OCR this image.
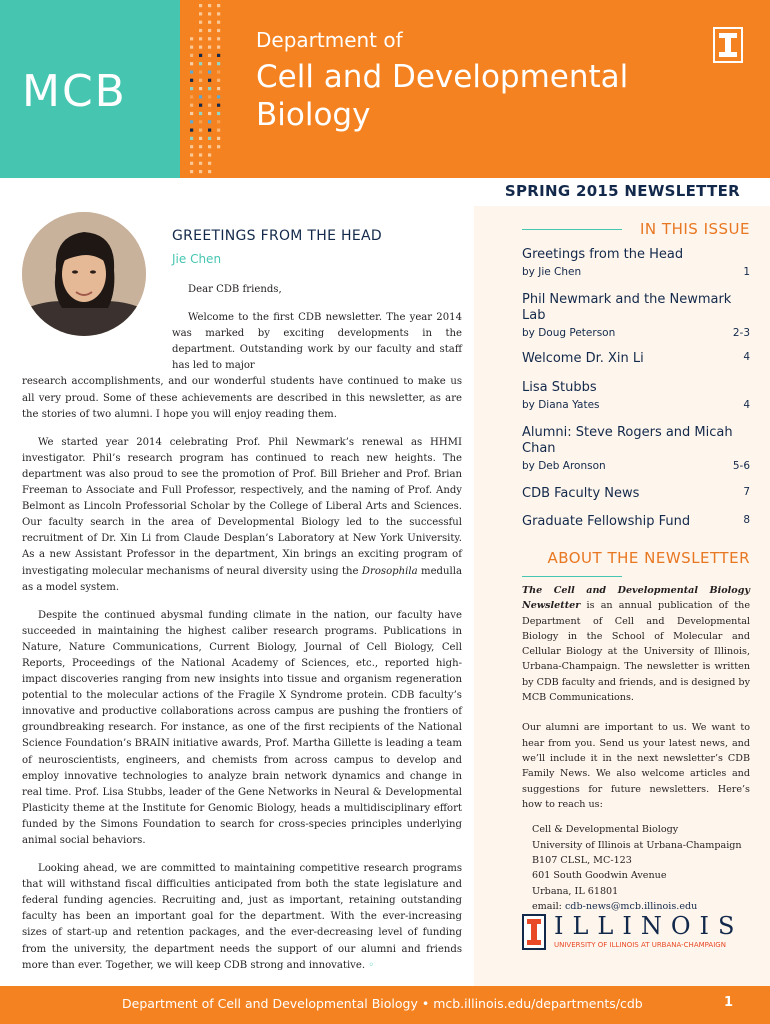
MCB
Department of
Cell and Developmental Biology
SPRING 2015 NEWSLETTER
IN THIS ISSUE
Greetings from the Head
by Jie Chen	1
Phil Newmark and the Newmark Lab
by Doug Peterson	2-3
Welcome Dr. Xin Li	4
Lisa Stubbs
by Diana Yates	4
Alumni: Steve Rogers and Micah Chan
by Deb Aronson	5-6
CDB Faculty News	7
Graduate Fellowship Fund	8
ABOUT THE NEWSLETTER

The Cell and Developmental Biology Newsletter is an annual publication of the Department of Cell and Developmental Biology in the School of Molecular and Cellular Biology at the University of Illinois, Urbana-Champaign. The newsletter is written by CDB faculty and friends, and is designed by MCB Communications.

Our alumni are important to us. We want to hear from you. Send us your latest news, and we’ll include it in the next newsletter’s CDB Family News. We also welcome articles and suggestions for future newsletters. Here’s how to reach us:

Cell & Developmental Biology
University of Illinois at Urbana-Champaign
B107 CLSL, MC-123
601 South Goodwin Avenue
Urbana, IL 61801
email: cdb-news@mcb.illinois.edu
ILLINOIS
UNIVERSITY OF ILLINOIS AT URBANA-CHAMPAIGN
GREETINGS FROM THE HEAD
Jie Chen

Dear CDB friends,

Welcome to the first CDB newsletter. The year 2014 was marked by exciting developments in the department. Outstanding work by our faculty and staff has led to major

research accomplishments, and our wonderful students have continued to make us all very proud. Some of these achievements are described in this newsletter, as are the stories of two alumni. I hope you will enjoy reading them.

We started year 2014 celebrating Prof. Phil Newmark’s renewal as HHMI investigator. Phil’s research program has continued to reach new heights. The department was also proud to see the promotion of Prof. Bill Brieher and Prof. Brian Freeman to Associate and Full Professor, respectively, and the naming of Prof. Andy Belmont as Lincoln Professorial Scholar by the College of Liberal Arts and Sciences. Our faculty search in the area of Developmental Biology led to the successful recruitment of Dr. Xin Li from Claude Desplan’s Laboratory at New York University. As a new Assistant Professor in the department, Xin brings an exciting program of investigating molecular mechanisms of neural diversity using the Drosophila medulla as a model system.

Despite the continued abysmal funding climate in the nation, our faculty have succeeded in maintaining the highest caliber research programs. Publications in Nature, Nature Communications, Current Biology, Journal of Cell Biology, Cell Reports, Proceedings of the National Academy of Sciences, etc., reported high-impact discoveries ranging from new insights into tissue and organism regeneration potential to the molecular actions of the Fragile X Syndrome protein. CDB faculty’s innovative and productive collaborations across campus are pushing the frontiers of groundbreaking research. For instance, as one of the first recipients of the National Science Foundation’s BRAIN initiative awards, Prof. Martha Gillette is leading a team of neuroscientists, engineers, and chemists from across campus to develop and employ innovative technologies to analyze brain network dynamics and change in real time. Prof. Lisa Stubbs, leader of the Gene Networks in Neural & Developmental Plasticity theme at the Institute for Genomic Biology, heads a multidisciplinary effort funded by the Simons Foundation to search for cross-species principles underlying animal social behaviors.

Looking ahead, we are committed to maintaining competitive research programs that will withstand fiscal difficulties anticipated from both the state legislature and federal funding agencies. Recruiting and, just as important, retaining outstanding faculty has been an important goal for the department. With the ever-increasing sizes of start-up and retention packages, and the ever-decreasing level of funding from the university, the department needs the support of our alumni and friends more than ever. Together, we will keep CDB strong and innovative. ◦

Department of Cell and Developmental Biology • mcb.illinois.edu/departments/cdb	1
